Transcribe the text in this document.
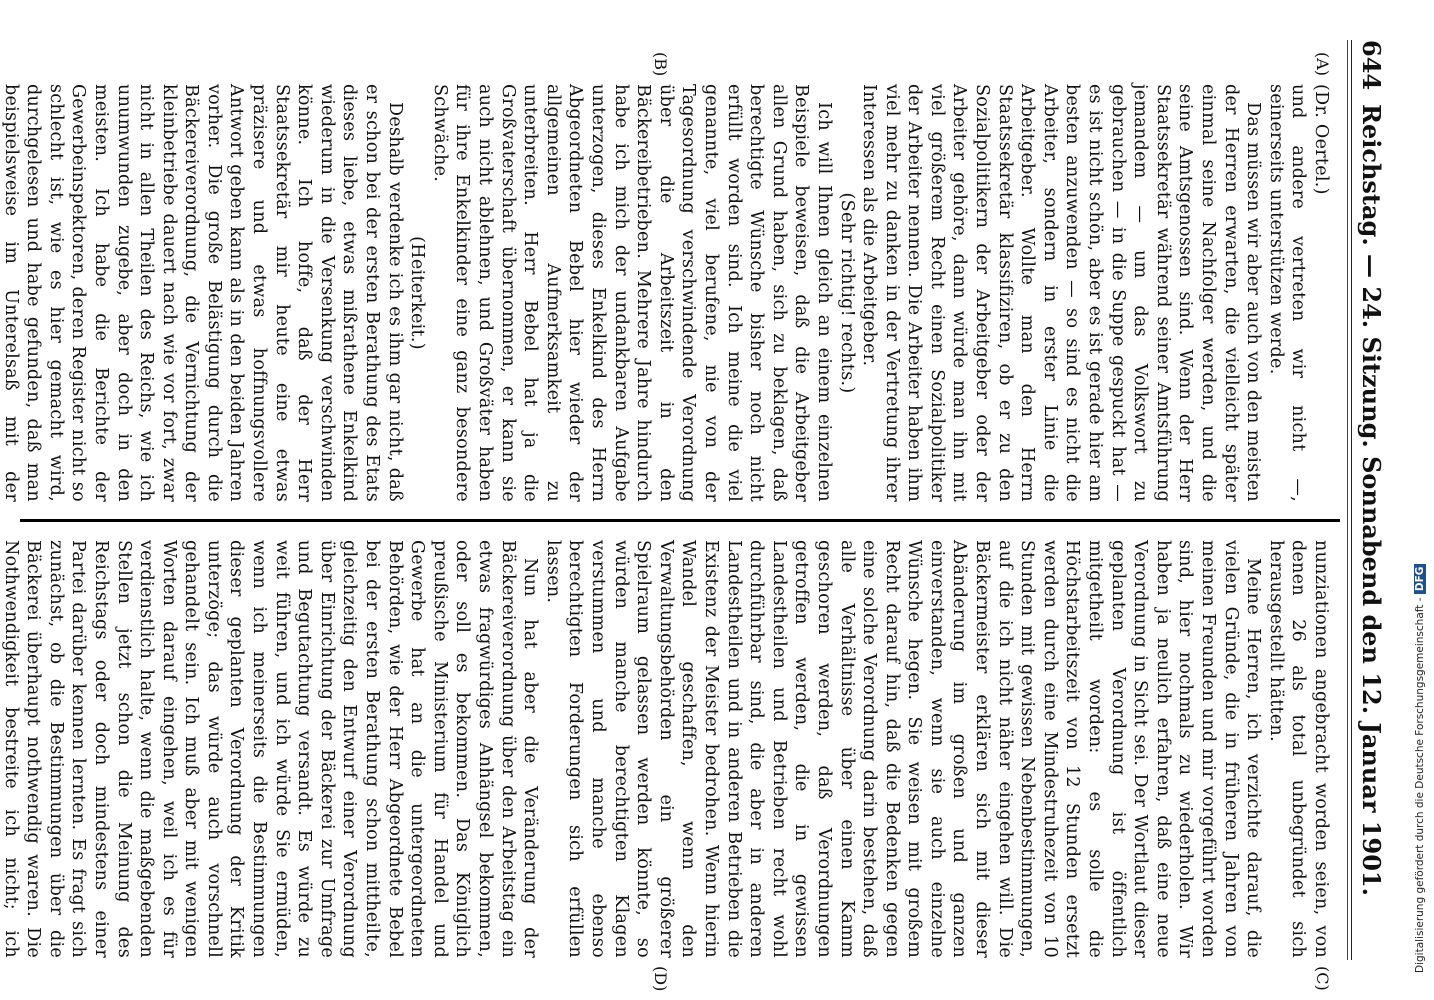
644
Reichstag. — 24. Sitzung. Sonnabend den 12. Januar 1901.
(A)
(B)
(C)
(D)

(Dr. Oertel.)

und andere vertreten wir nicht —, seinerseits unterstützen werde.

Das müssen wir aber auch von den meisten der Herren erwarten, die vielleicht später einmal seine Nachfolger werden, und die seine Amtsgenossen sind. Wenn der Herr Staatssekretär während seiner Amtsführung jemandem — um das Volkswort zu gebrauchen — in die Suppe gespuckt hat — es ist nicht schön, aber es ist gerade hier am besten anzuwenden — so sind es nicht die Arbeiter, sondern in erster Linie die Arbeitgeber. Wollte man den Herrn Staatssekretär klassifiziren, ob er zu den Sozialpolitikern der Arbeitgeber oder der Arbeiter gehöre, dann würde man ihn mit viel größerem Recht einen Sozialpolitiker der Arbeiter nennen. Die Arbeiter haben ihm viel mehr zu danken in der Vertretung ihrer Interessen als die Arbeitgeber.

(Sehr richtig! rechts.)

Ich will Ihnen gleich an einem einzelnen Beispiele beweisen, daß die Arbeitgeber allen Grund haben, sich zu beklagen, daß berechtigte Wünsche bisher noch nicht erfüllt worden sind. Ich meine die viel genannte, viel berufene, nie von der Tagesordnung verschwindende Verordnung über die Arbeitszeit in den Bäckereibetrieben. Mehrere Jahre hindurch habe ich mich der undankbaren Aufgabe unterzogen, dieses Enkelkind des Herrn Abgeordneten Bebel hier wieder der allgemeinen Aufmerksamkeit zu unterbreiten. Herr Bebel hat ja die Großvaterschaft übernommen, er kann sie auch nicht ablehnen, und Großväter haben für ihre Enkelkinder eine ganz besondere Schwäche.

(Heiterkeit.)

Deshalb verdenke ich es ihm gar nicht, daß er schon bei der ersten Berathung des Etats dieses liebe, etwas mißrathene Enkelkind wiederum in die Versenkung verschwinden könne. Ich hoffe, daß der Herr Staatssekretär mir heute eine etwas präzisere und etwas hoffnungsvollere Antwort geben kann als in den beiden Jahren vorher. Die große Belästigung durch die Bäckereiverordnung, die Vernichtung der kleinbetriebe dauert nach wie vor fort, zwar nicht in allen Theilen des Reichs, wie ich unumwunden zugebe, aber doch in den meisten. Ich habe die Berichte der Gewerbeinspektoren, deren Register nicht so schlecht ist, wie es hier gemacht wird, durchgelesen und habe gefunden, daß man beispielsweise im Unterelsaß mit der

nunziationen angebracht worden seien, von denen 26 als total unbegründet sich herausgestellt hätten.

Meine Herren, ich verzichte darauf, die vielen Gründe, die in früheren Jahren von meinen Freunden und mir vorgeführt worden sind, hier nochmals zu wiederholen. Wir haben ja neulich erfahren, daß eine neue Verordnung in Sicht sei. Der Wortlaut dieser geplanten Verordnung ist öffentlich mitgetheilt worden: es solle die Höchstarbeitszeit von 12 Stunden ersetzt werden durch eine Mindestruhezeit von 10 Stunden mit gewissen Nebenbestimmungen, auf die ich nicht näher eingehen will. Die Bäckermeister erklären sich mit dieser Abänderung im großen und ganzen einverstanden, wenn sie auch einzelne Wünsche hegen. Sie weisen mit großem Recht darauf hin, daß die Bedenken gegen eine solche Verordnung darin bestehen, daß alle Verhältnisse über einen Kamm geschoren werden, daß Verordnungen getroffen werden, die in gewissen Landestheilen und Betrieben recht wohl durchführbar sind, die aber in anderen Landestheilen und in anderen Betrieben die Existenz der Meister bedrohen. Wenn hierin Wandel geschaffen, wenn den Verwaltungsbehörden ein größerer Spielraum gelassen werden könnte, so würden manche berechtigten Klagen verstummen und manche ebenso berechtigten Forderungen sich erfüllen lassen.

Nun hat aber die Veränderung der Bäckereiverordnung über den Arbeitstag ein etwas fragwürdiges Anhängsel bekommen, oder soll es bekommen. Das Königlich preußische Ministerium für Handel und Gewerbe hat an die untergeordneten Behörden, wie der Herr Abgeordnete Bebel bei der ersten Berathung schon mittheilte, gleichzeitig den Entwurf einer Verordnung über Einrichtung der Bäckerei zur Umfrage und Begutachtung versandt. Es würde zu weit führen, und ich würde Sie ermüden, wenn ich meinerseits die Bestimmungen dieser geplanten Verordnung der Kritik unterzöge; das würde auch vorschnell gehandelt sein. Ich muß aber mit wenigen Worten darauf eingehen, weil ich es für verdienstlich halte, wenn die maßgebenden Stellen jetzt schon die Meinung des Reichstags oder doch mindestens einer Partei darüber kennen lernten. Es fragt sich zunächst, ob die Bestimmungen über die Bäckerei überhaupt nothwendig waren. Die Nothwendigkeit bestreite ich nicht; ich	Digitalisierung gefördert durch die Deutsche Forschungsgemeinschaft - DFG
